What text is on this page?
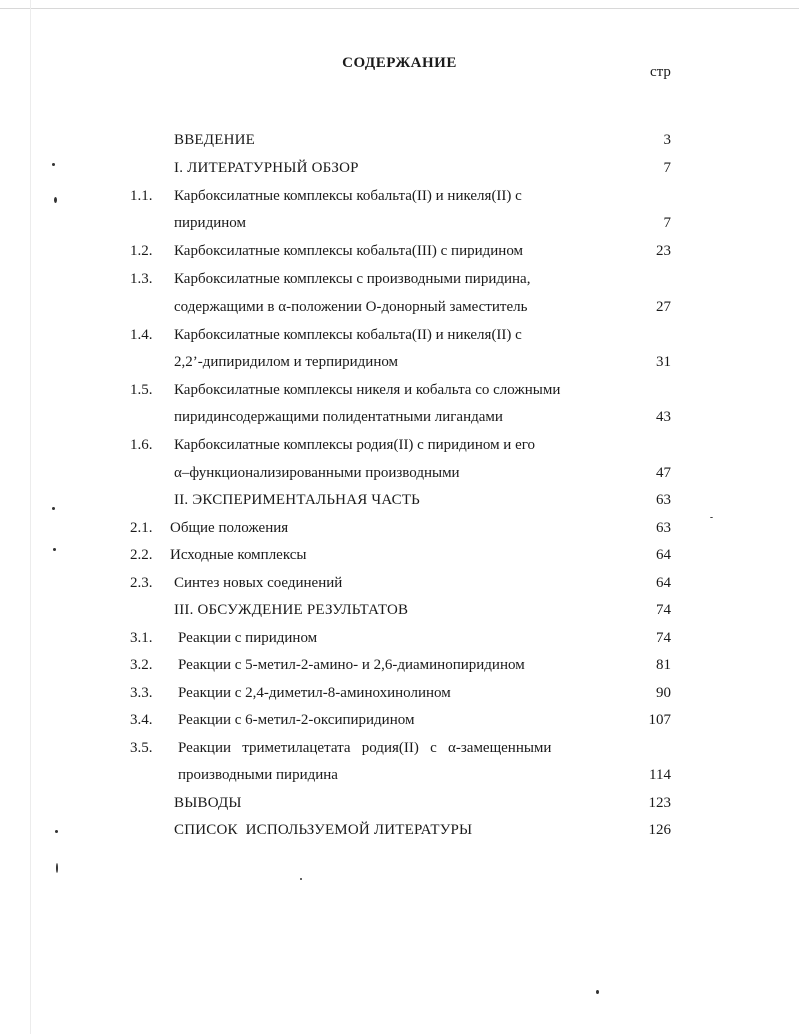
СОДЕРЖАНИЕ
стр
ВВЕДЕНИЕ	3
I. ЛИТЕРАТУРНЫЙ ОБЗОР	7
1.1. Карбоксилатные комплексы кобальта(II) и никеля(II) с
пиридином	7
1.2. Карбоксилатные комплексы кобальта(III) с пиридином	23
1.3. Карбоксилатные комплексы с производными пиридина,
содержащими в α-положении О-донорный заместитель	27
1.4. Карбоксилатные комплексы кобальта(II) и никеля(II) с
2,2’-дипиридилом и терпиридином	31
1.5. Карбоксилатные комплексы никеля и кобальта со сложными
пиридинсодержащими полидентатными лигандами	43
1.6. Карбоксилатные комплексы родия(II) с пиридином и его
α–функционализированными производными	47
II. ЭКСПЕРИМЕНТАЛЬНАЯ ЧАСТЬ	63
2.1. Общие положения	63
2.2. Исходные комплексы	64
2.3. Синтез новых соединений	64
III. ОБСУЖДЕНИЕ РЕЗУЛЬТАТОВ	74
3.1. Реакции с пиридином	74
3.2. Реакции с 5-метил-2-амино- и 2,6-диаминопиридином	81
3.3. Реакции с 2,4-диметил-8-аминохинолином	90
3.4. Реакции с 6-метил-2-оксипиридином	107
3.5. Реакции   триметилацетата   родия(II)   с   α-замещенными
производными пиридина	114
ВЫВОДЫ	123
СПИСОК  ИСПОЛЬЗУЕМОЙ ЛИТЕРАТУРЫ	126
